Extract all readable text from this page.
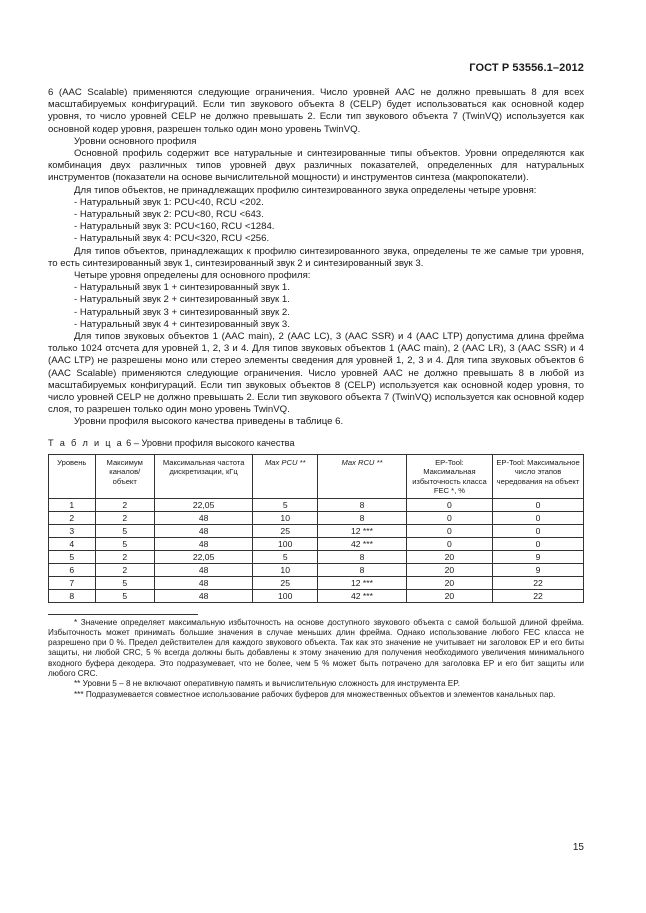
ГОСТ Р 53556.1–2012

6 (AAC Scalable) применяются следующие ограничения. Число уровней AAC не должно превышать 8 для всех масштабируемых конфигураций. Если тип звукового объекта 8 (CELP) будет использоваться как основной кодер уровня, то число уровней CELP не должно превышать 2. Если тип звукового объекта 7 (TwinVQ) используется как основной кодер уровня, разрешен только один моно уровень TwinVQ.

Уровни основного профиля

Основной профиль содержит все натуральные и синтезированные типы объектов. Уровни определяются как комбинация двух различных типов уровней двух различных показателей, определенных для натуральных инструментов (показатели на основе вычислительной мощности) и инструментов синтеза (макропокатели).

Для типов объектов, не принадлежащих профилю синтезированного звука определены четыре уровня:

- Натуральный звук 1: PCU<40, RCU <202.

- Натуральный звук 2: PCU<80, RCU <643.

- Натуральный звук 3: PCU<160, RCU <1284.

- Натуральный звук 4: PCU<320, RCU <256.

Для типов объектов, принадлежащих к профилю синтезированного звука, определены те же самые три уровня, то есть синтезированный звук 1, синтезированный звук 2 и синтезированный звук 3.

Четыре уровня определены для основного профиля:

- Натуральный звук 1 + синтезированный звук 1.

- Натуральный звук 2 + синтезированный звук 1.

- Натуральный звук 3 + синтезированный звук 2.

- Натуральный звук 4 + синтезированный звук 3.

Для типов звуковых объектов 1 (AAC main), 2 (AAC LC), 3 (AAC SSR) и 4 (AAC LTP) допустима длина фрейма только 1024 отсчета для уровней 1, 2, 3 и 4. Для типов звуковых объектов 1 (AAC main), 2 (AAC LR), 3 (AAC SSR) и 4 (AAC LTP) не разрешены моно или стерео элементы сведения для уровней 1, 2, 3 и 4. Для типа звуковых объектов 6 (AAC Scalable) применяются следующие ограничения. Число уровней AAC не должно превышать 8 в любой из масштабируемых конфигураций. Если тип звуковых объектов 8 (CELP) используется как основной кодер уровня, то число уровней CELP не должно превышать 2. Если тип звукового объекта 7 (TwinVQ) используется как основной кодер слоя, то разрешен только один моно уровень TwinVQ.

Уровни профиля высокого качества приведены в таблице 6.

Т а б л и ц а 6 – Уровни профиля высокого качества
Уровень	Максимум каналов/ объект	Максимальная частота дискретизации, кГц	Max PCU **	Max RCU **	EP-Tool: Максимальная избыточность класса FEC *, %	EP-Tool: Максимальное число этапов чередования на объект
1	2	22,05	5	8	0	0
2	2	48	10	8	0	0
3	5	48	25	12 ***	0	0
4	5	48	100	42 ***	0	0
5	2	22,05	5	8	20	9
6	2	48	10	8	20	9
7	5	48	25	12 ***	20	22
8	5	48	100	42 ***	20	22

* Значение определяет максимальную избыточность на основе доступного звукового объекта с самой большой длиной фрейма. Избыточность может принимать большие значения в случае меньших длин фрейма. Однако использование любого FEC класса не разрешено при 0 %. Предел действителен для каждого звукового объекта. Так как это значение не учитывает ни заголовок EP и его биты защиты, ни любой CRC, 5 % всегда должны быть добавлены к этому значению для получения необходимого увеличения минимального входного буфера декодера. Это подразумевает, что не более, чем 5 % может быть потрачено для заголовка EP и его бит защиты или любого CRC.

** Уровни 5 – 8 не включают оперативную память и вычислительную сложность для инструмента EP.

*** Подразумевается совместное использование рабочих буферов для множественных объектов и элементов канальных пар.

15
